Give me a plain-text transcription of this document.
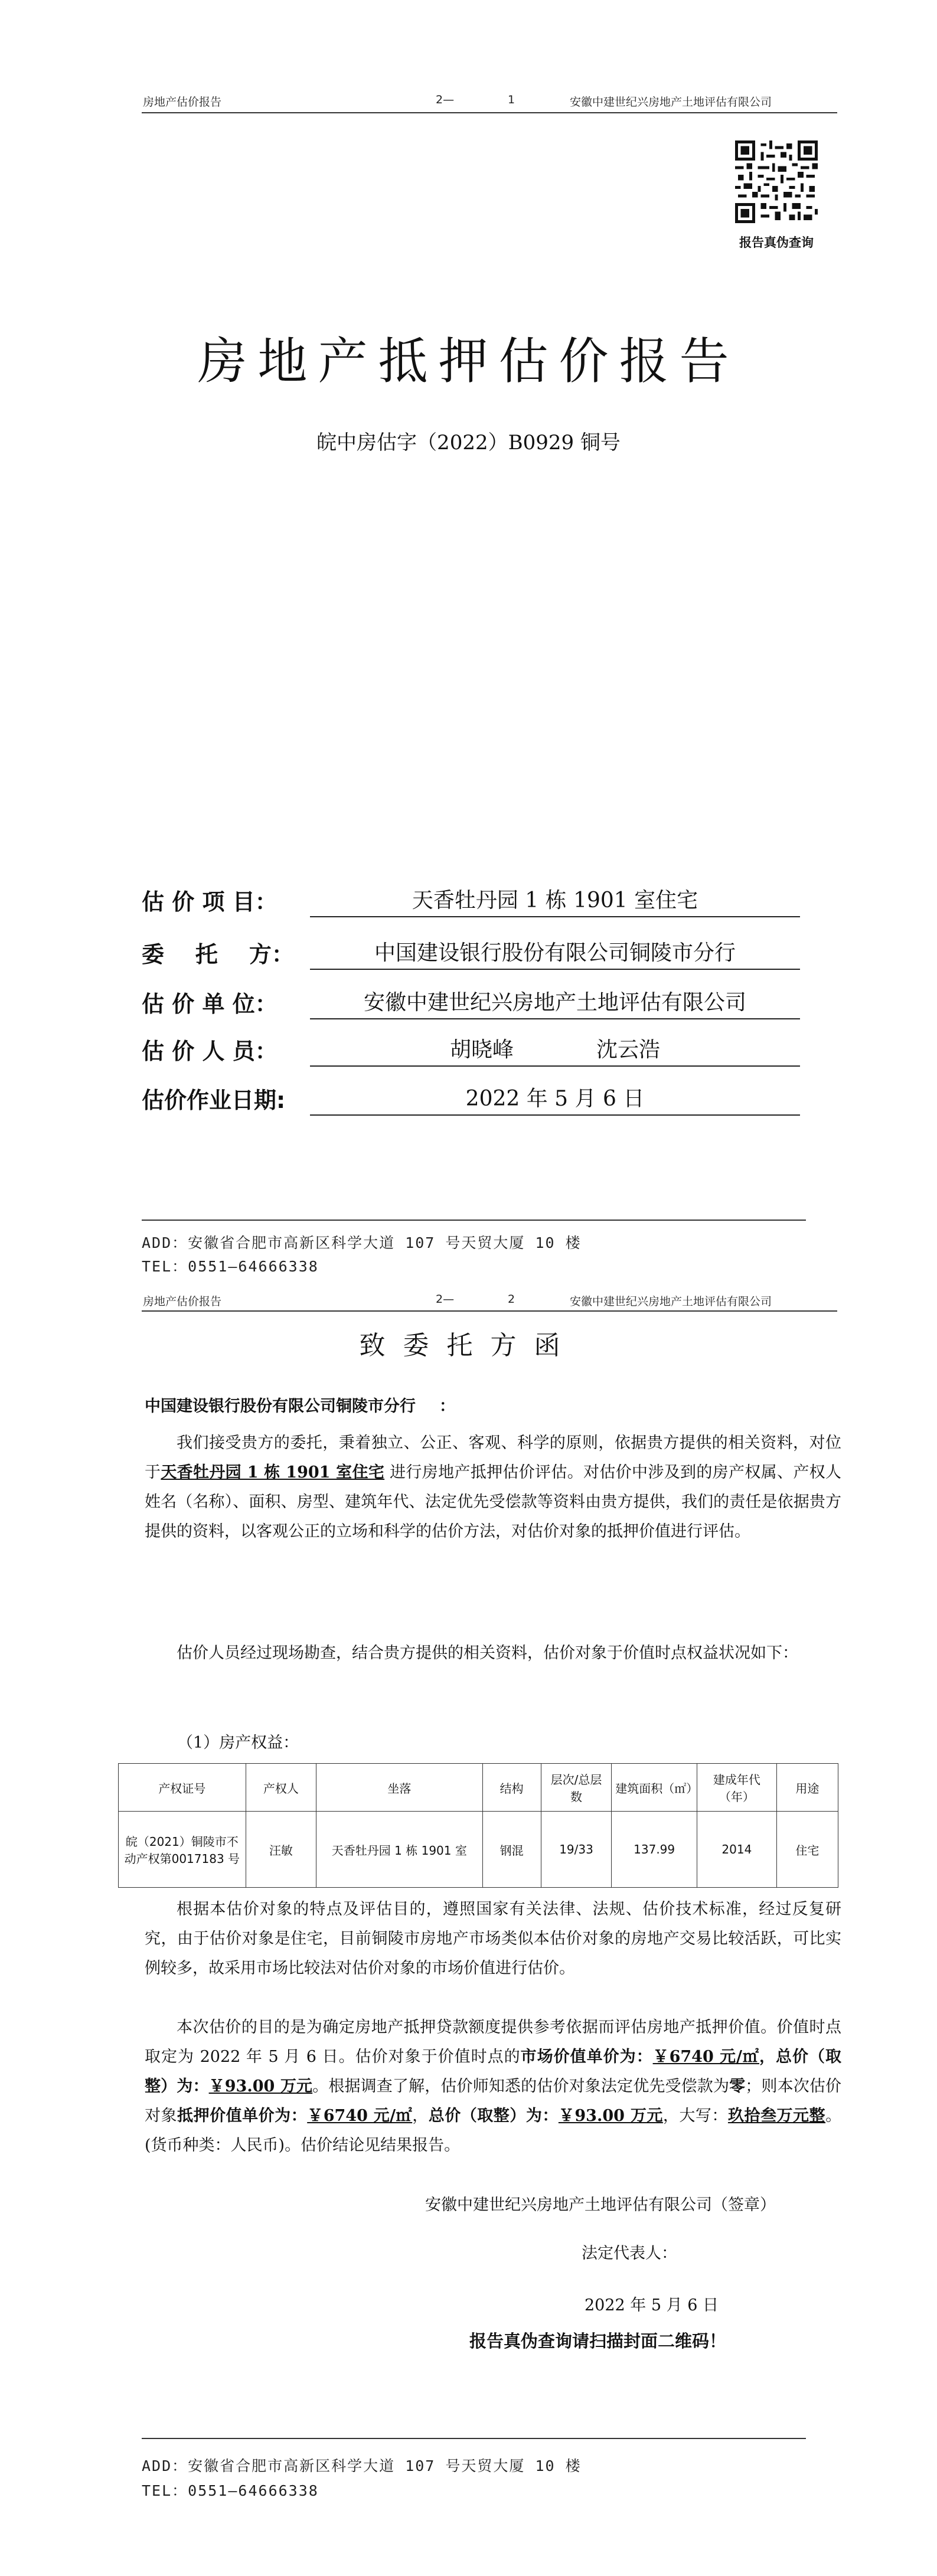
房地产估价报告	2—	1	安徽中建世纪兴房地产土地评估有限公司
报告真伪查询
房地产抵押估价报告
皖中房估字（2022）B0929 铜号
估 价 项 目：	天香牡丹园 1 栋 1901 室住宅
委    托    方：	中国建设银行股份有限公司铜陵市分行
估 价 单 位：	安徽中建世纪兴房地产土地评估有限公司
估 价 人 员：	胡晓峰	沈云浩
估价作业日期:	2022 年 5 月 6 日
ADD：安徽省合肥市高新区科学大道 107 号天贸大厦 10 楼
TEL：0551—64666338
房地产估价报告	2—	2	安徽中建世纪兴房地产土地评估有限公司
致委托方函
中国建设银行股份有限公司铜陵市分行 ：
我们接受贵方的委托，秉着独立、公正、客观、科学的原则，依据贵方提供的相关资料，对位于天香牡丹园 1 栋 1901 室住宅 进行房地产抵押估价评估。对估价中涉及到的房产权属、产权人姓名（名称）、面积、房型、建筑年代、法定优先受偿款等资料由贵方提供，我们的责任是依据贵方提供的资料，以客观公正的立场和科学的估价方法，对估价对象的抵押价值进行评估。
估价人员经过现场勘查，结合贵方提供的相关资料，估价对象于价值时点权益状况如下：
（1）房产权益：
产权证号	产权人	坐落	结构	层次/总层数	建筑面积（㎡）	建成年代（年）	用途
皖（2021）铜陵市不动产权第0017183 号	汪敏	天香牡丹园 1 栋 1901 室	钢混	19/33	137.99	2014	住宅
根据本估价对象的特点及评估目的，遵照国家有关法律、法规、估价技术标准，经过反复研究，由于估价对象是住宅，目前铜陵市房地产市场类似本估价对象的房地产交易比较活跃，可比实例较多，故采用市场比较法对估价对象的市场价值进行估价。
本次估价的目的是为确定房地产抵押贷款额度提供参考依据而评估房地产抵押价值。价值时点取定为 2022 年 5 月 6 日。估价对象于价值时点的市场价值单价为：￥6740 元/㎡，总价（取整）为：￥93.00 万元。根据调查了解，估价师知悉的估价对象法定优先受偿款为零；则本次估价对象抵押价值单价为：￥6740 元/㎡，总价（取整）为：￥93.00 万元，大写：玖拾叁万元整。(货币种类：人民币)。估价结论见结果报告。
安徽中建世纪兴房地产土地评估有限公司（签章）
法定代表人：
2022 年 5 月 6 日
报告真伪查询请扫描封面二维码！
ADD：安徽省合肥市高新区科学大道 107 号天贸大厦 10 楼
TEL：0551—64666338
